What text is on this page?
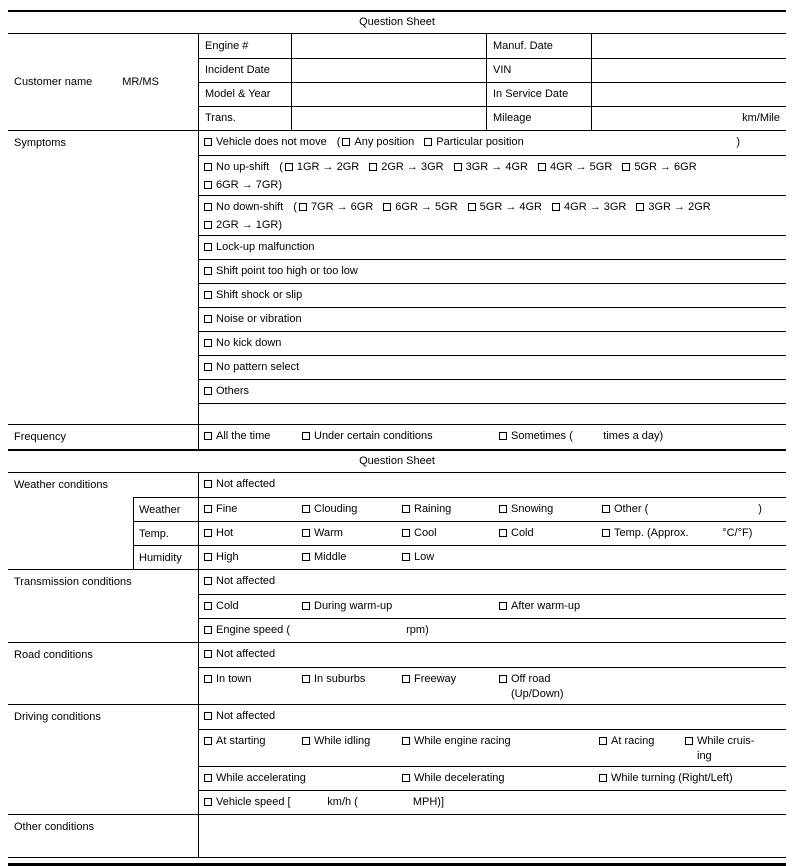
Question Sheet
Customer name	MR/MS
Engine #	Manuf. Date
Incident Date	VIN
Model & Year	In Service Date
Trans.	Mileage	km/Mile
Symptoms	Vehicle does not move ( Any position Particular position	)
No up-shift ( 1GR → 2GR 2GR → 3GR 3GR → 4GR 4GR → 5GR 5GR → 6GR
6GR → 7GR)
No down-shift ( 7GR → 6GR 6GR → 5GR 5GR → 4GR 4GR → 3GR 3GR → 2GR
2GR → 1GR)
Lock-up malfunction
Shift point too high or too low
Shift shock or slip
Noise or vibration
No kick down
No pattern select
Others
Frequency	All the time	Under certain conditions	Sometimes (          times a day)
Question Sheet
Weather conditions	Not affected
Weather	Fine	Clouding	Raining	Snowing	Other (                                    )
Temp.	Hot	Warm	Cool	Cold	Temp. (Approx.           °C/°F)
Humidity	High	Middle	Low
Transmission conditions	Not affected
Cold	During warm-up	After warm-up
Engine speed (                                      rpm)
Road conditions	Not affected
In town	In suburbs	Freeway	Off road (Up/Down)
Driving conditions	Not affected
At starting	While idling	While engine racing	At racing	While cruis-ing
While accelerating	While decelerating	While turning (Right/Left)
Vehicle speed [            km/h (                  MPH)]
Other conditions
